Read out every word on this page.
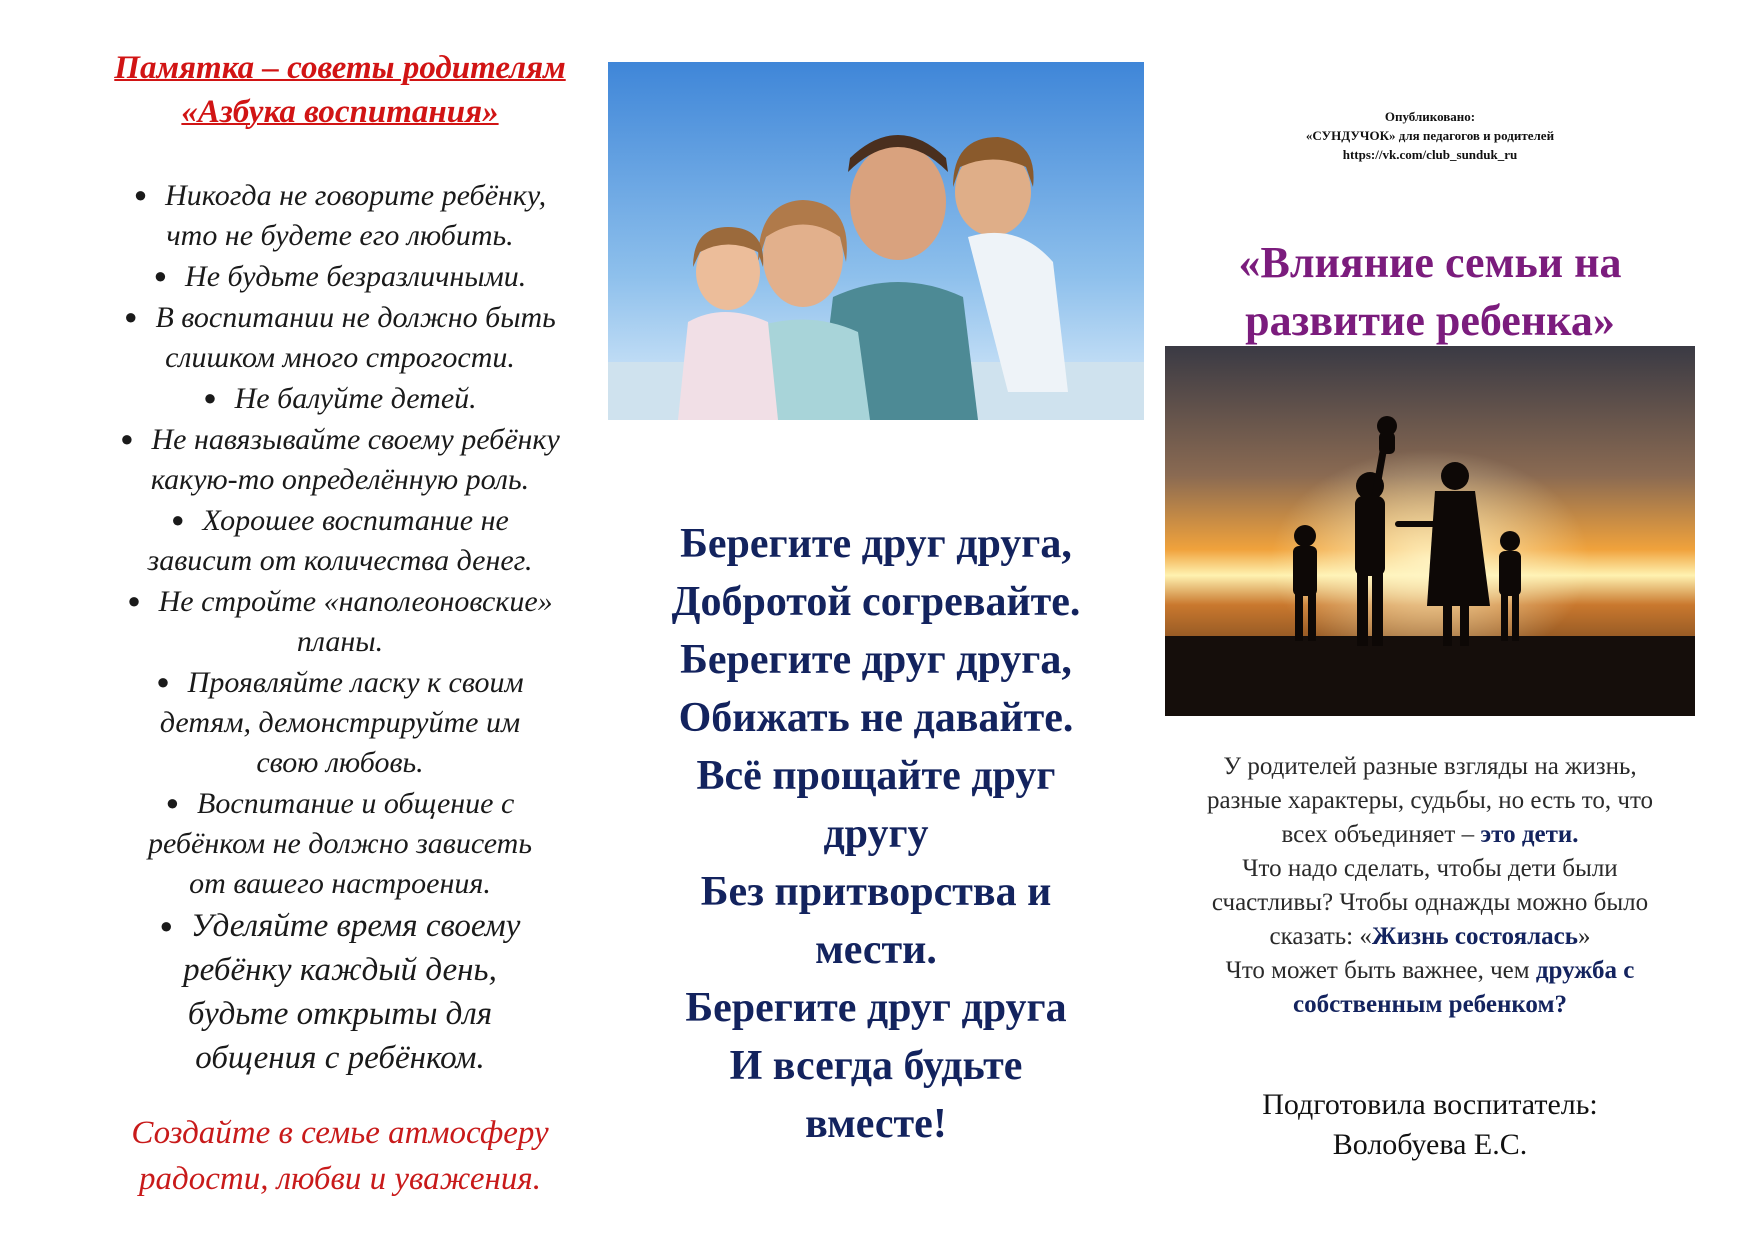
Памятка – советы родителям
«Азбука воспитания»
● Никогда не говорите ребёнку,
что не будете его любить.
● Не будьте безразличными.
● В воспитании не должно быть
слишком много строгости.
● Не балуйте детей.
● Не навязывайте своему ребёнку
какую-то определённую роль.
● Хорошее воспитание не
зависит от количества денег.
● Не стройте «наполеоновские»
планы.
● Проявляйте ласку к своим
детям, демонстрируйте им
свою любовь.
● Воспитание и общение с
ребёнком не должно зависеть
от вашего настроения.
● Уделяйте время своему
ребёнку каждый день,
будьте открыты для
общения с ребёнком.
Создайте в семье атмосферу
радости, любви и уважения.
Берегите друг друга,
Добротой согревайте.
Берегите друг друга,
Обижать не давайте.
Всё прощайте друг
другу
Без притворства и
мести.
Берегите друг друга
И всегда будьте
вместе!
Опубликовано:
«СУНДУЧОК» для педагогов и родителей
https://vk.com/club_sunduk_ru
«Влияние семьи на
развитие ребенка»
У родителей разные взгляды на жизнь,
разные характеры, судьбы, но есть то, что
всех объединяет – это дети.
Что надо сделать, чтобы дети были
счастливы? Чтобы однажды можно было
сказать: «Жизнь состоялась»
Что может быть важнее, чем дружба с
собственным ребенком?
Подготовила воспитатель:
Волобуева Е.С.
